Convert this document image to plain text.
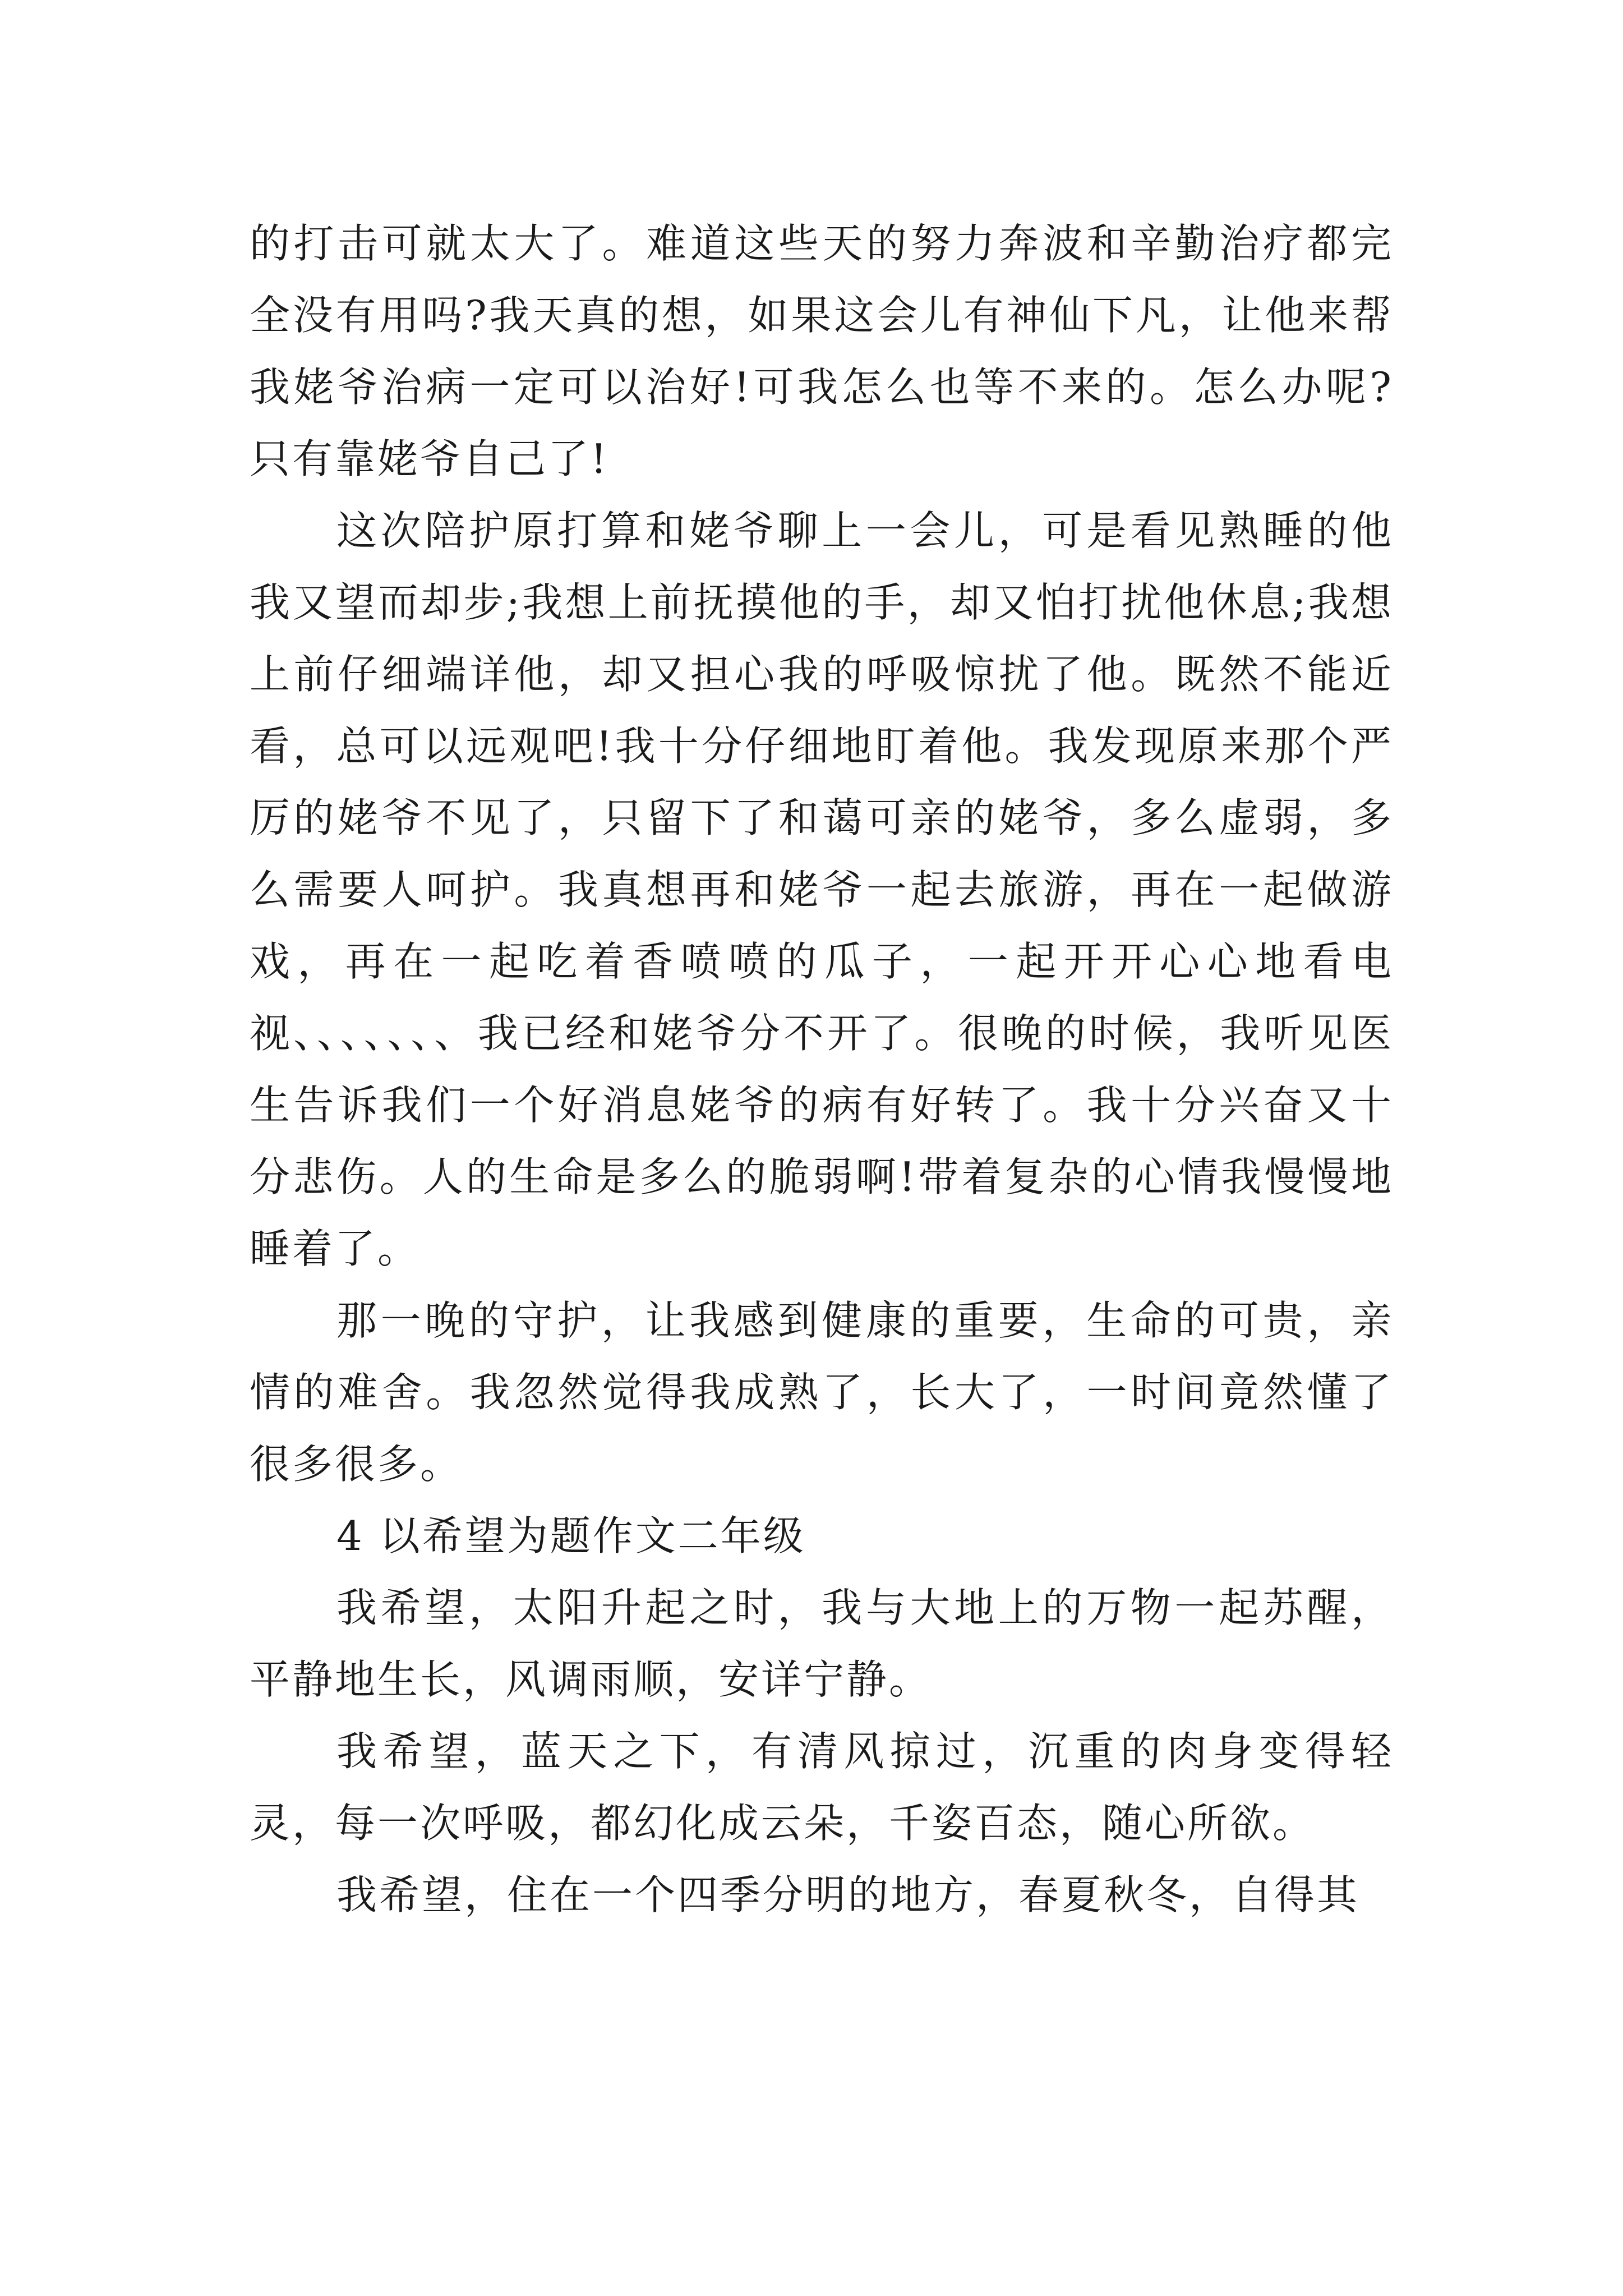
的打击可就太大了。难道这些天的努力奔波和辛勤治疗都完全没有用吗?我天真的想，如果这会儿有神仙下凡，让他来帮我姥爷治病一定可以治好!可我怎么也等不来的。怎么办呢?只有靠姥爷自己了!

这次陪护原打算和姥爷聊上一会儿，可是看见熟睡的他我又望而却步;我想上前抚摸他的手，却又怕打扰他休息;我想上前仔细端详他，却又担心我的呼吸惊扰了他。既然不能近看，总可以远观吧!我十分仔细地盯着他。我发现原来那个严厉的姥爷不见了，只留下了和蔼可亲的姥爷，多么虚弱，多么需要人呵护。我真想再和姥爷一起去旅游，再在一起做游戏，再在一起吃着香喷喷的瓜子，一起开开心心地看电视、、、、、、、我已经和姥爷分不开了。很晚的时候，我听见医生告诉我们一个好消息姥爷的病有好转了。我十分兴奋又十分悲伤。人的生命是多么的脆弱啊!带着复杂的心情我慢慢地睡着了。

那一晚的守护，让我感到健康的重要，生命的可贵，亲情的难舍。我忽然觉得我成熟了，长大了，一时间竟然懂了很多很多。

4 以希望为题作文二年级

我希望，太阳升起之时，我与大地上的万物一起苏醒，平静地生长，风调雨顺，安详宁静。

我希望，蓝天之下，有清风掠过，沉重的肉身变得轻灵，每一次呼吸，都幻化成云朵，千姿百态，随心所欲。

我希望，住在一个四季分明的地方，春夏秋冬，自得其
